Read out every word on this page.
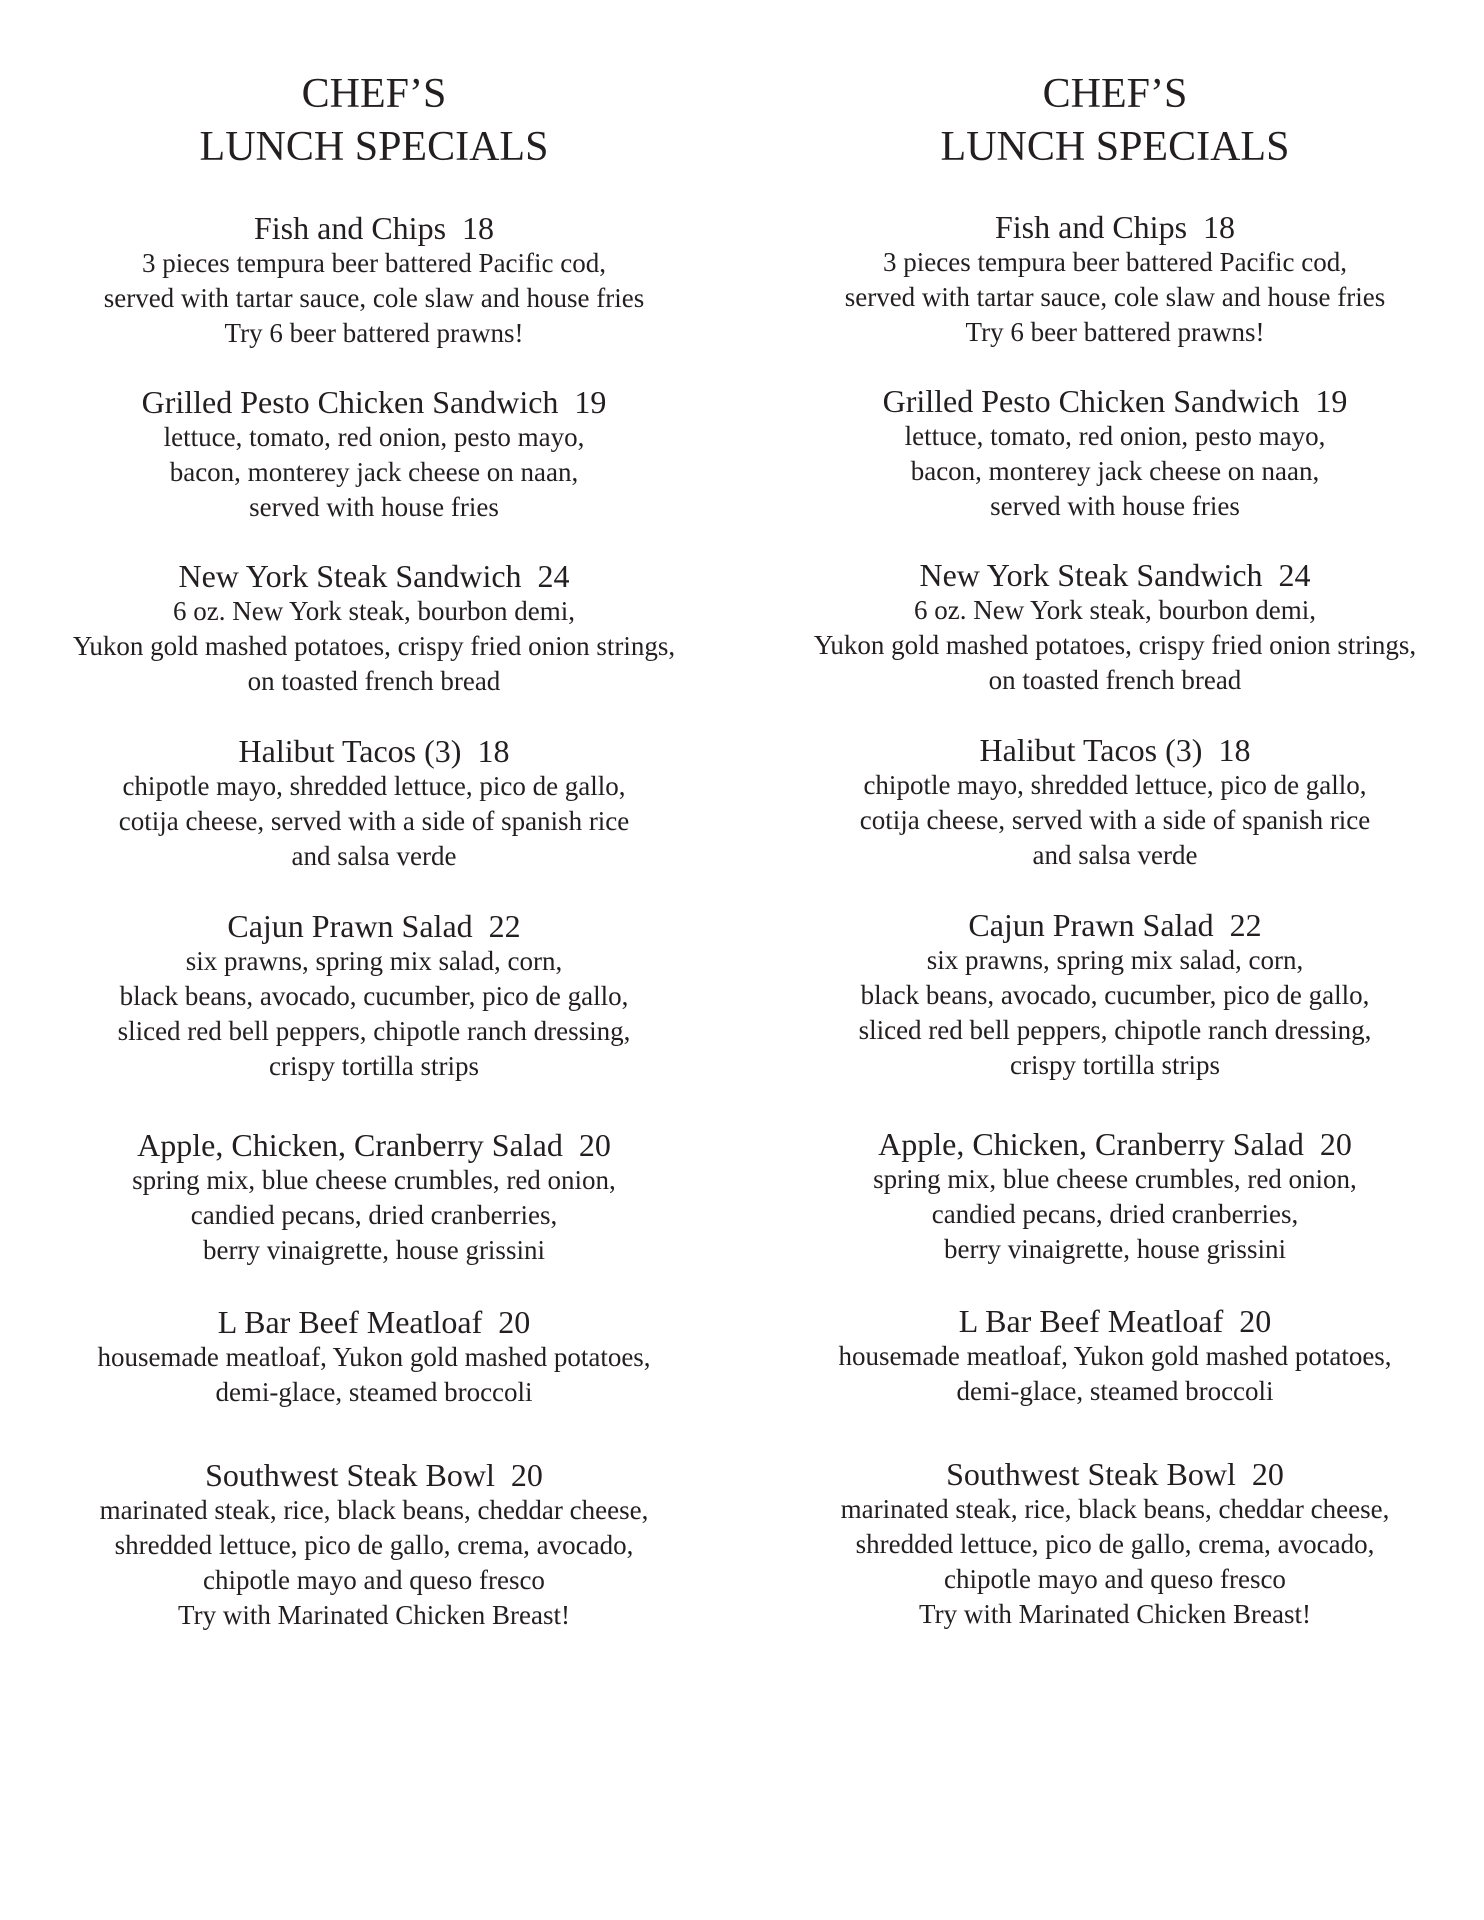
CHEF’S
LUNCH SPECIALS
Fish and Chips  18
3 pieces tempura beer battered Pacific cod,
served with tartar sauce, cole slaw and house fries
Try 6 beer battered prawns!
Grilled Pesto Chicken Sandwich  19
lettuce, tomato, red onion, pesto mayo,
bacon, monterey jack cheese on naan,
served with house fries
New York Steak Sandwich  24
6 oz. New York steak, bourbon demi,
Yukon gold mashed potatoes, crispy fried onion strings,
on toasted french bread
Halibut Tacos (3)  18
chipotle mayo, shredded lettuce, pico de gallo,
cotija cheese, served with a side of spanish rice
and salsa verde
Cajun Prawn Salad  22
six prawns, spring mix salad, corn,
black beans, avocado, cucumber, pico de gallo,
sliced red bell peppers, chipotle ranch dressing,
crispy tortilla strips
Apple, Chicken, Cranberry Salad  20
spring mix, blue cheese crumbles, red onion,
candied pecans, dried cranberries,
berry vinaigrette, house grissini
L Bar Beef Meatloaf  20
housemade meatloaf, Yukon gold mashed potatoes,
demi-glace, steamed broccoli
Southwest Steak Bowl  20
marinated steak, rice, black beans, cheddar cheese,
shredded lettuce, pico de gallo, crema, avocado,
chipotle mayo and queso fresco
Try with Marinated Chicken Breast!
CHEF’S
LUNCH SPECIALS
Fish and Chips  18
3 pieces tempura beer battered Pacific cod,
served with tartar sauce, cole slaw and house fries
Try 6 beer battered prawns!
Grilled Pesto Chicken Sandwich  19
lettuce, tomato, red onion, pesto mayo,
bacon, monterey jack cheese on naan,
served with house fries
New York Steak Sandwich  24
6 oz. New York steak, bourbon demi,
Yukon gold mashed potatoes, crispy fried onion strings,
on toasted french bread
Halibut Tacos (3)  18
chipotle mayo, shredded lettuce, pico de gallo,
cotija cheese, served with a side of spanish rice
and salsa verde
Cajun Prawn Salad  22
six prawns, spring mix salad, corn,
black beans, avocado, cucumber, pico de gallo,
sliced red bell peppers, chipotle ranch dressing,
crispy tortilla strips
Apple, Chicken, Cranberry Salad  20
spring mix, blue cheese crumbles, red onion,
candied pecans, dried cranberries,
berry vinaigrette, house grissini
L Bar Beef Meatloaf  20
housemade meatloaf, Yukon gold mashed potatoes,
demi-glace, steamed broccoli
Southwest Steak Bowl  20
marinated steak, rice, black beans, cheddar cheese,
shredded lettuce, pico de gallo, crema, avocado,
chipotle mayo and queso fresco
Try with Marinated Chicken Breast!
